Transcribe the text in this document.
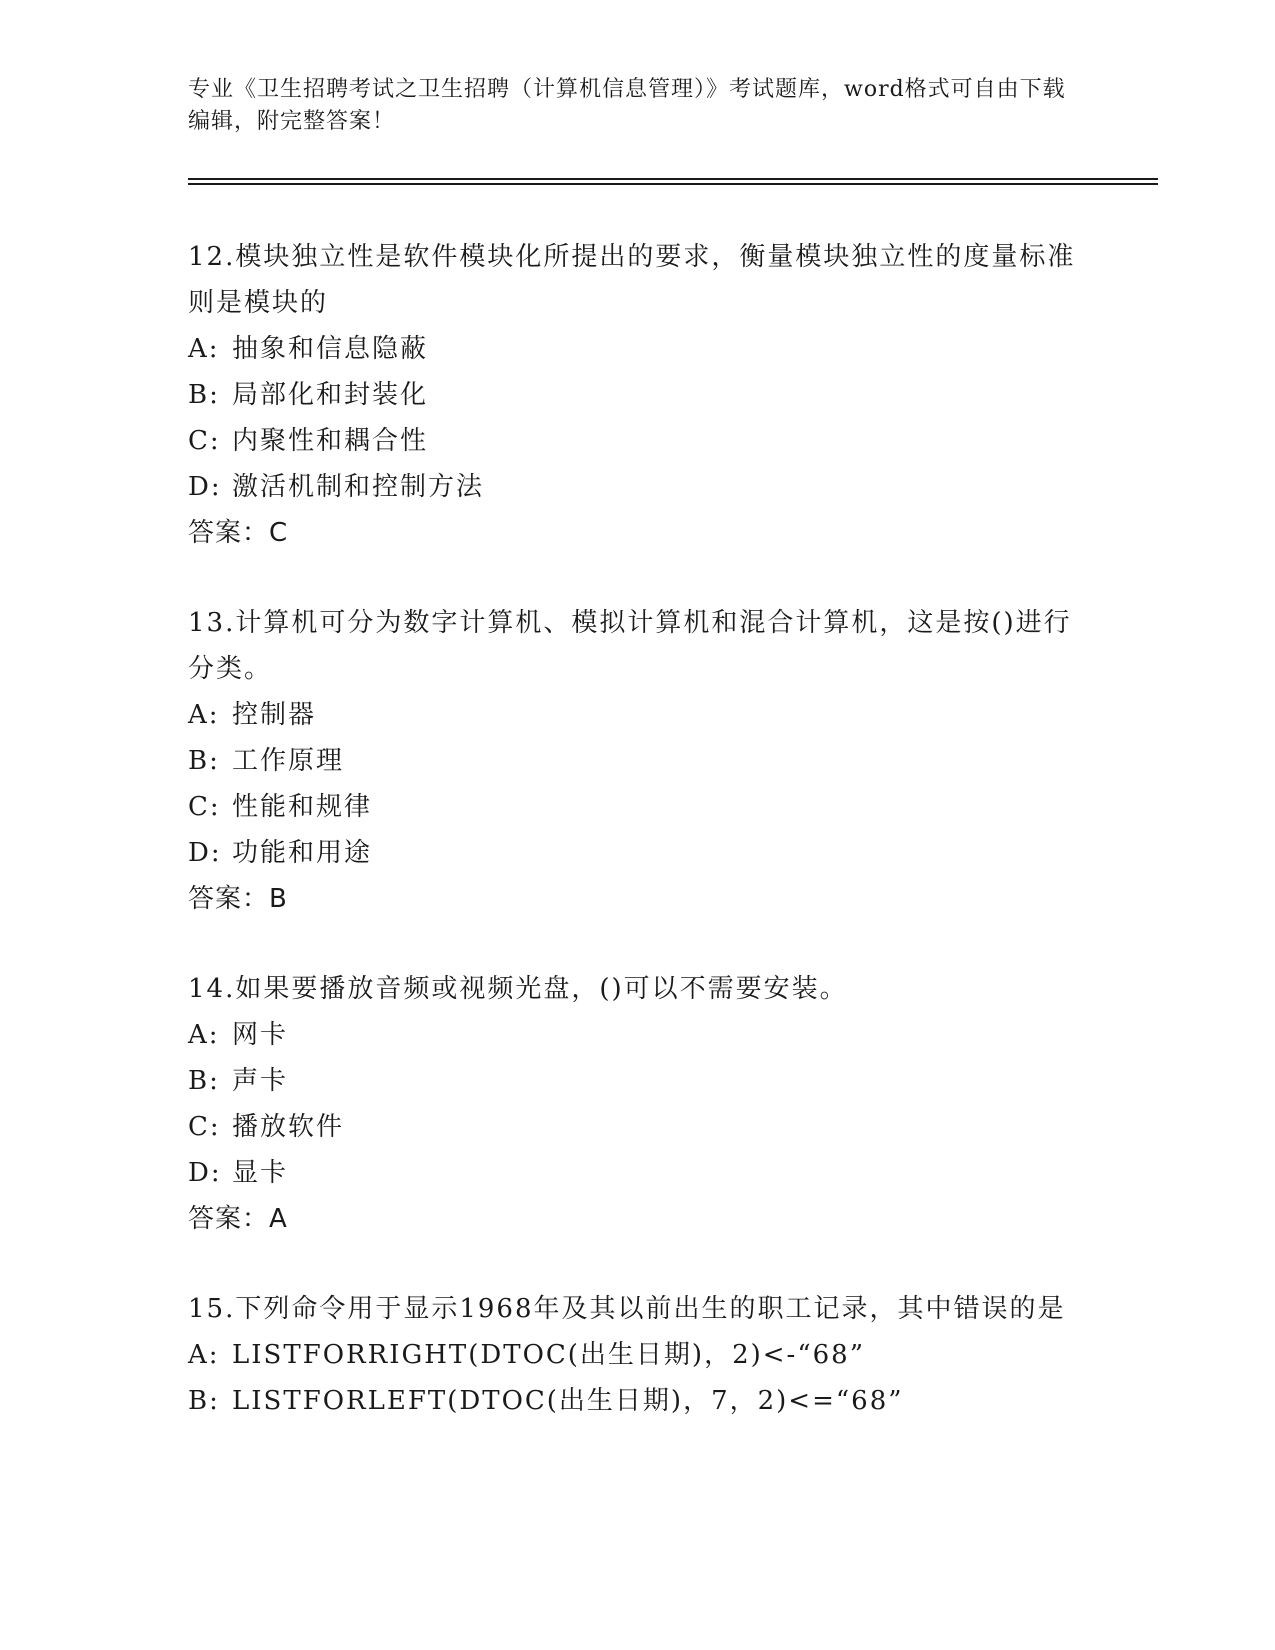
专业《卫生招聘考试之卫生招聘（计算机信息管理）》考试题库，word格式可自由下载编辑，附完整答案！

12.模块独立性是软件模块化所提出的要求，衡量模块独立性的度量标准则是模块的

A: 抽象和信息隐蔽

B: 局部化和封装化

C: 内聚性和耦合性

D: 激活机制和控制方法

答案：C

13.计算机可分为数字计算机、模拟计算机和混合计算机，这是按()进行分类。

A: 控制器

B: 工作原理

C: 性能和规律

D: 功能和用途

答案：B

14.如果要播放音频或视频光盘，()可以不需要安装。

A: 网卡

B: 声卡

C: 播放软件

D: 显卡

答案：A

15.下列命令用于显示1968年及其以前出生的职工记录，其中错误的是

A: LISTFORRIGHT(DTOC(出生日期)，2)<-“68”

B: LISTFORLEFT(DTOC(出生日期)，7，2)<=“68”
